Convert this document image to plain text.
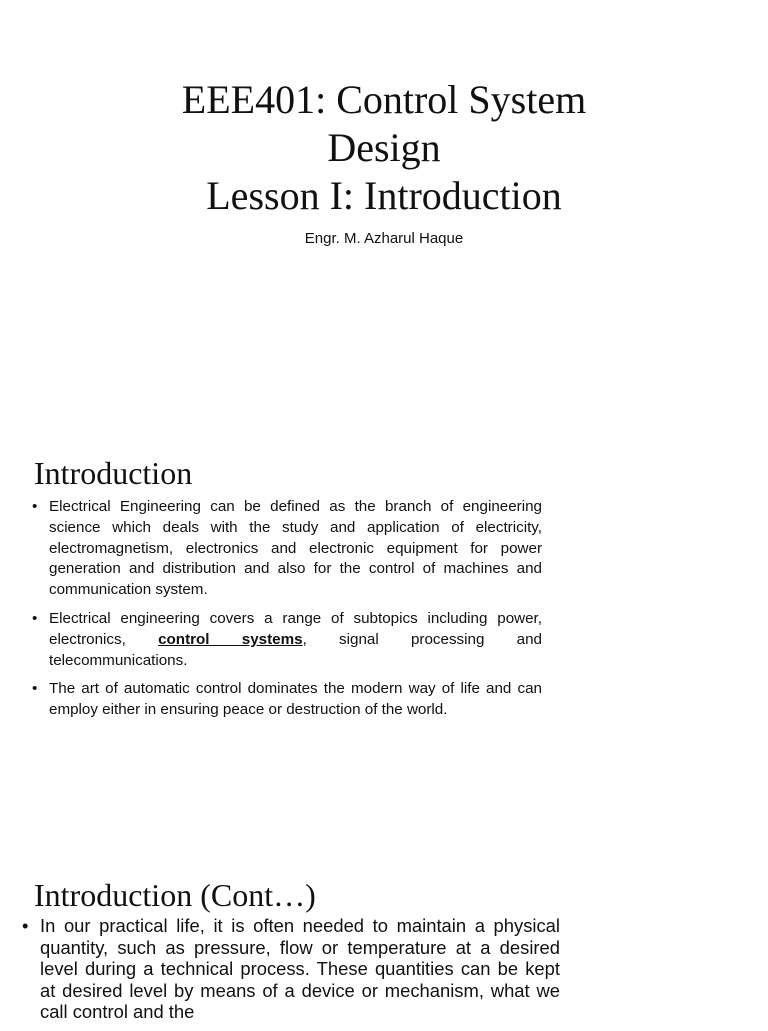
EEE401: Control System
Design
Lesson I: Introduction
Engr. M. Azharul Haque
Introduction
• Electrical Engineering can be defined as the branch of engineering science which deals with the study and application of electricity, electromagnetism, electronics and electronic equipment for power generation and distribution and also for the control of machines and communication system.
• Electrical engineering covers a range of subtopics including power, electronics, control systems, signal processing and telecommunications.
• The art of automatic control dominates the modern way of life and can employ either in ensuring peace or destruction of the world.
Introduction (Cont…)
• In our practical life, it is often needed to maintain a physical quantity, such as pressure, flow or temperature at a desired level during a technical process. These quantities can be kept at desired level by means of a device or mechanism, what we call control and the
